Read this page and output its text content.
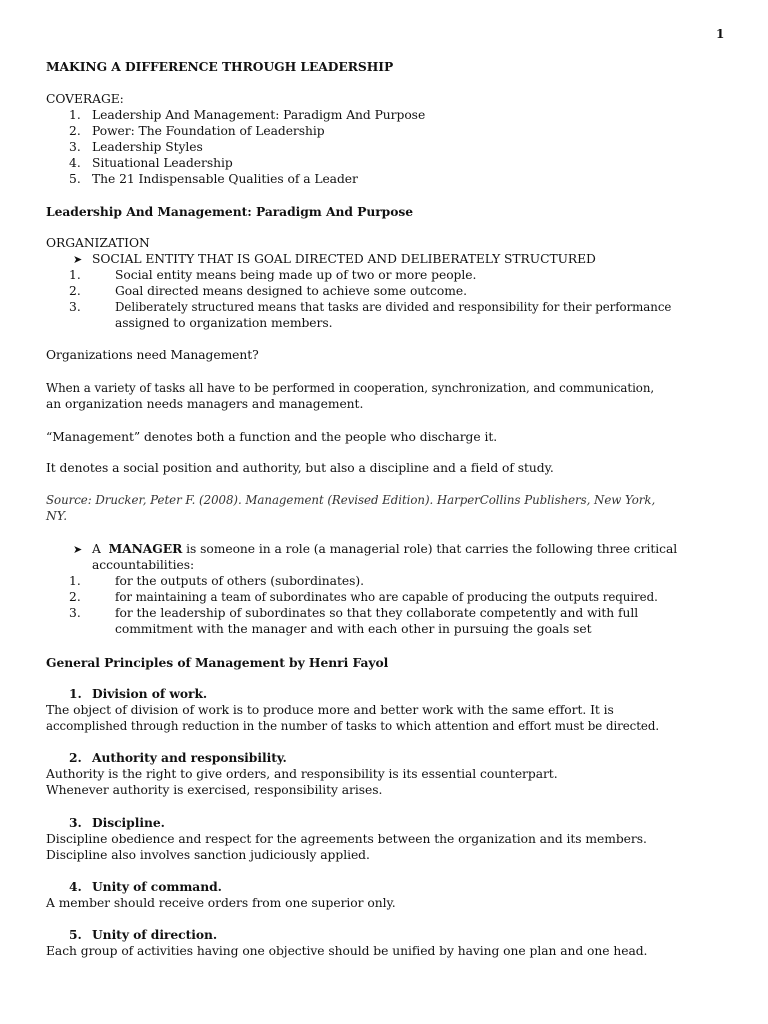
1
MAKING A DIFFERENCE THROUGH LEADERSHIP
COVERAGE:
1. Leadership And Management: Paradigm And Purpose
2. Power: The Foundation of Leadership
3. Leadership Styles
4. Situational Leadership
5. The 21 Indispensable Qualities of a Leader
Leadership And Management: Paradigm And Purpose
ORGANIZATION
➤ SOCIAL ENTITY THAT IS GOAL DIRECTED AND DELIBERATELY STRUCTURED
1.	Social entity means being made up of two or more people.
2.	Goal directed means designed to achieve some outcome.
3.	Deliberately structured means that tasks are divided and responsibility for their performance
assigned to organization members.
Organizations need Management?
When a variety of tasks all have to be performed in cooperation, synchronization, and communication,
an organization needs managers and management.
“Management” denotes both a function and the people who discharge it.
It denotes a social position and authority, but also a discipline and a field of study.
Source: Drucker, Peter F. (2008). Management (Revised Edition). HarperCollins Publishers, New York,
NY.
➤ A MANAGER is someone in a role (a managerial role) that carries the following three critical
accountabilities:
1.	for the outputs of others (subordinates).
2.	for maintaining a team of subordinates who are capable of producing the outputs required.
3.	for the leadership of subordinates so that they collaborate competently and with full
commitment with the manager and with each other in pursuing the goals set
General Principles of Management by Henri Fayol
1. Division of work.
The object of division of work is to produce more and better work with the same effort. It is
accomplished through reduction in the number of tasks to which attention and effort must be directed.
2. Authority and responsibility.
Authority is the right to give orders, and responsibility is its essential counterpart.
Whenever authority is exercised, responsibility arises.
3. Discipline.
Discipline obedience and respect for the agreements between the organization and its members.
Discipline also involves sanction judiciously applied.
4. Unity of command.
A member should receive orders from one superior only.
5. Unity of direction.
Each group of activities having one objective should be unified by having one plan and one head.
